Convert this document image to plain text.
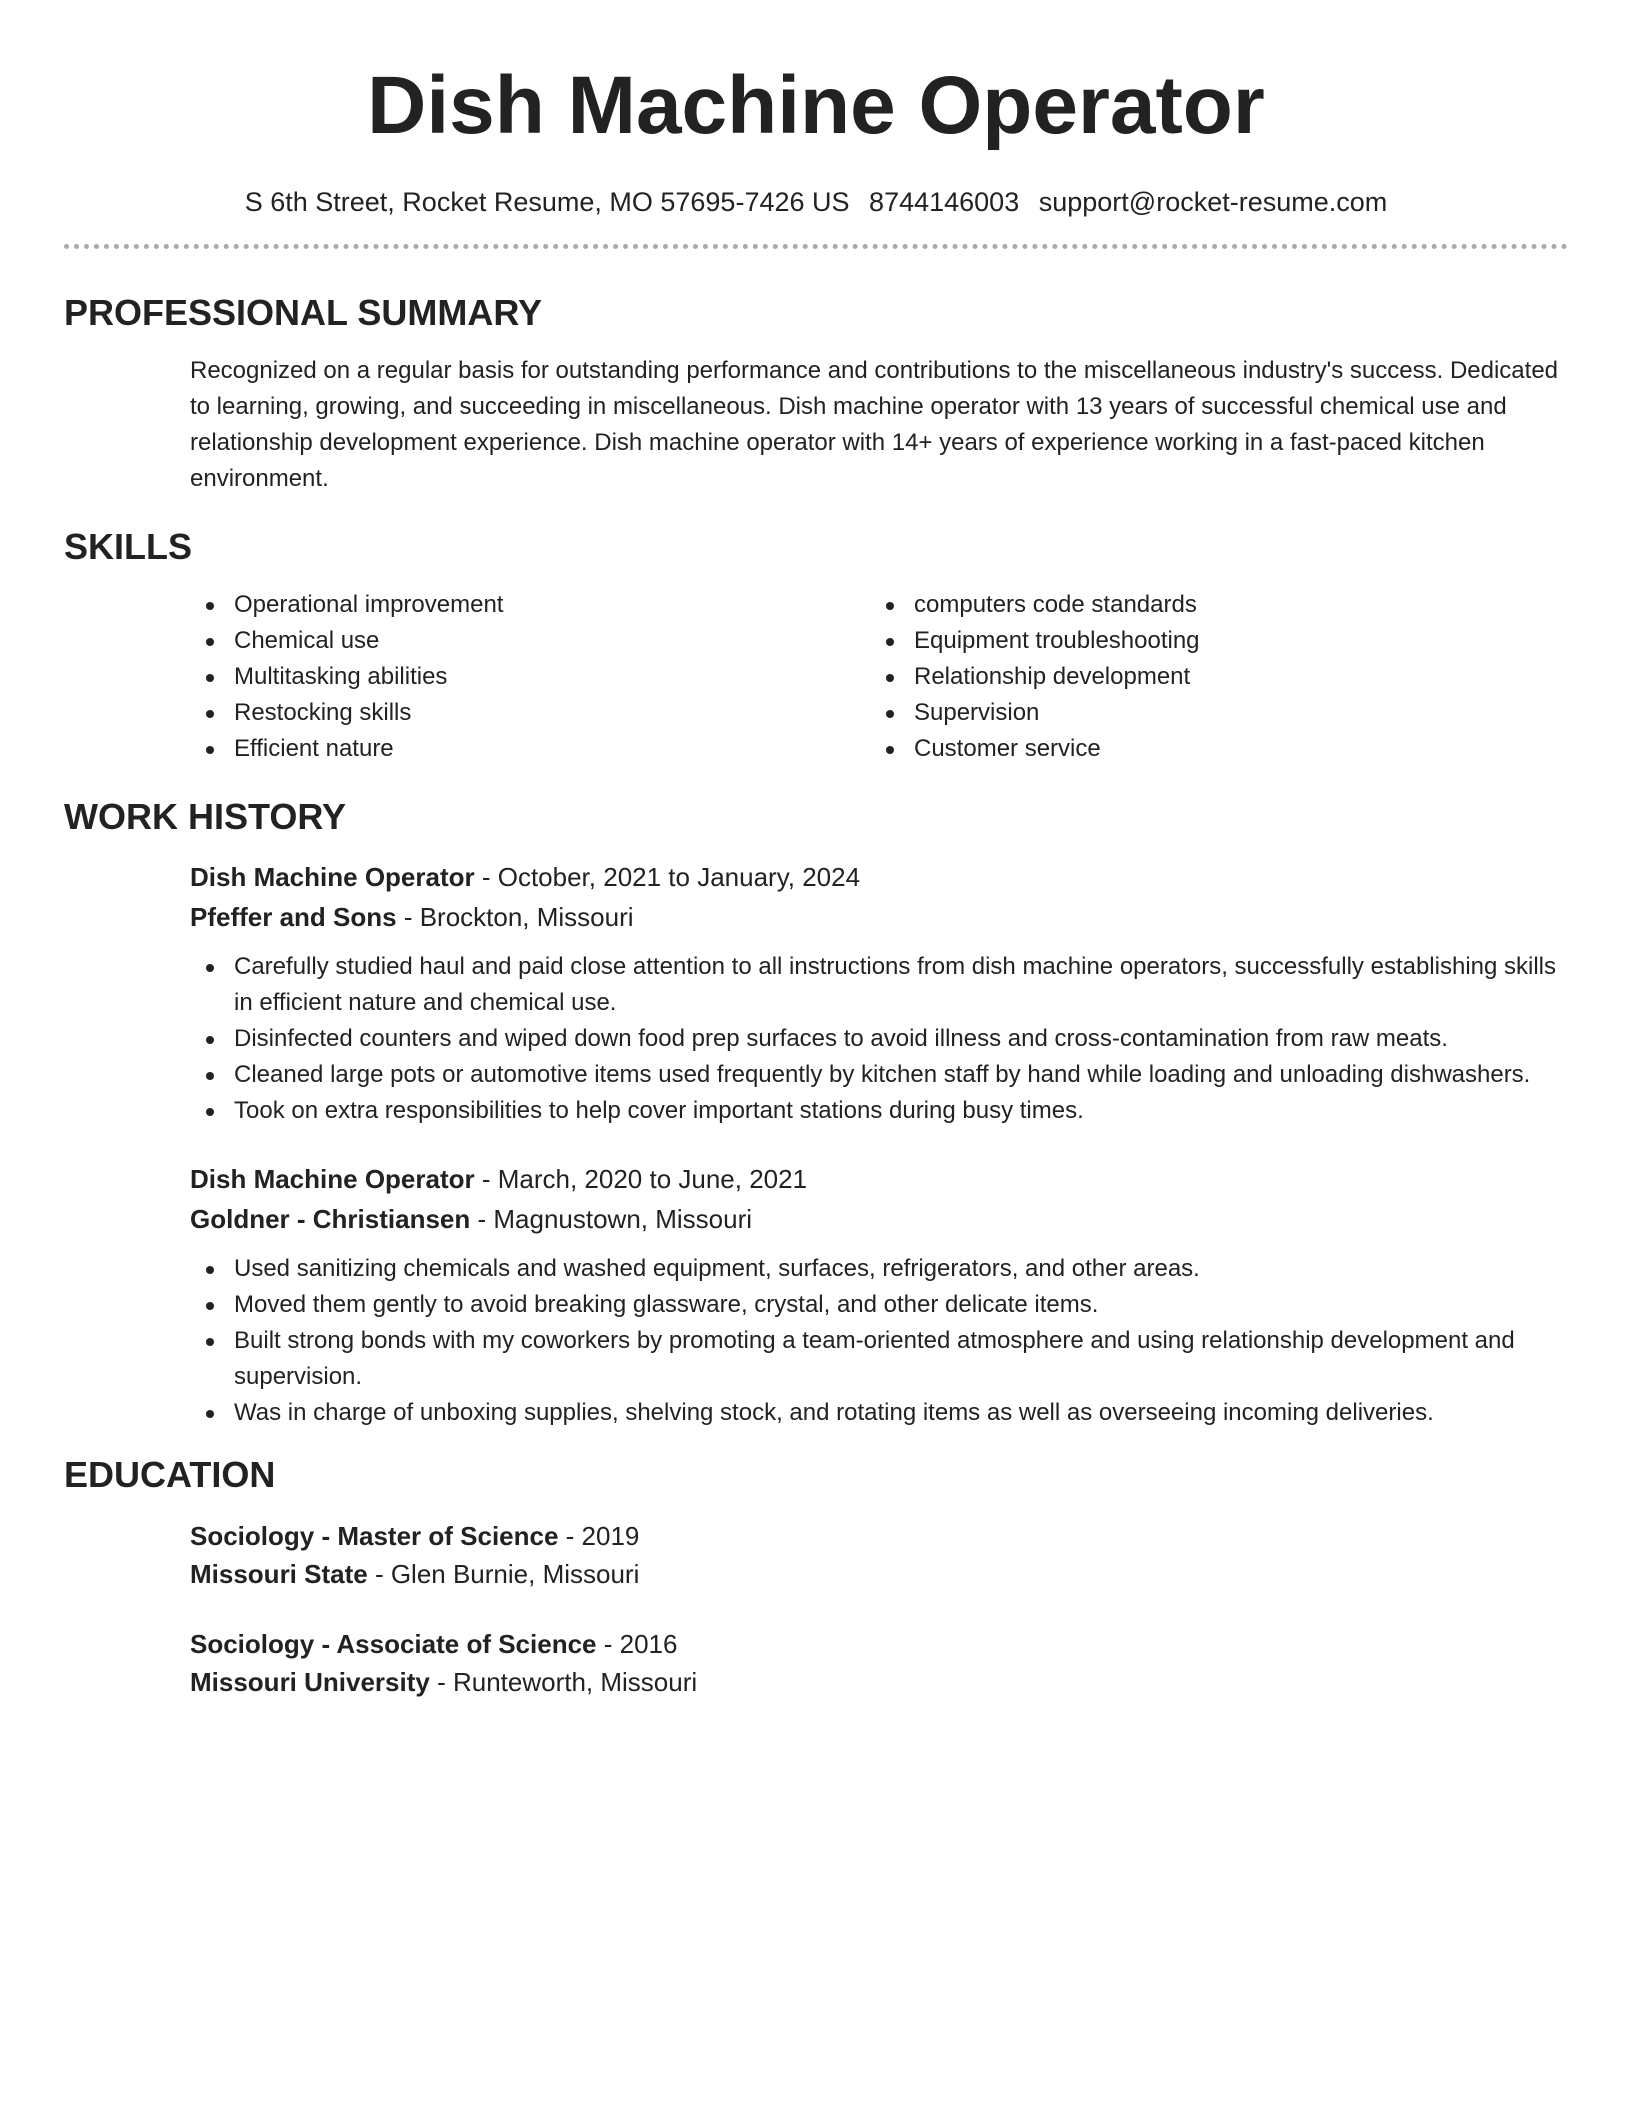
Dish Machine Operator
S 6th Street, Rocket Resume, MO 57695-7426 US 8744146003 support@rocket-resume.com
PROFESSIONAL SUMMARY
Recognized on a regular basis for outstanding performance and contributions to the miscellaneous industry's success. Dedicated to learning, growing, and succeeding in miscellaneous. Dish machine operator with 13 years of successful chemical use and relationship development experience. Dish machine operator with 14+ years of experience working in a fast-paced kitchen environment.
SKILLS
Operational improvement
Chemical use
Multitasking abilities
Restocking skills
Efficient nature
computers code standards
Equipment troubleshooting
Relationship development
Supervision
Customer service
WORK HISTORY
Dish Machine Operator - October, 2021 to January, 2024
Pfeffer and Sons - Brockton, Missouri
Carefully studied haul and paid close attention to all instructions from dish machine operators, successfully establishing skills in efficient nature and chemical use.
Disinfected counters and wiped down food prep surfaces to avoid illness and cross-contamination from raw meats.
Cleaned large pots or automotive items used frequently by kitchen staff by hand while loading and unloading dishwashers.
Took on extra responsibilities to help cover important stations during busy times.
Dish Machine Operator - March, 2020 to June, 2021
Goldner - Christiansen - Magnustown, Missouri
Used sanitizing chemicals and washed equipment, surfaces, refrigerators, and other areas.
Moved them gently to avoid breaking glassware, crystal, and other delicate items.
Built strong bonds with my coworkers by promoting a team-oriented atmosphere and using relationship development and supervision.
Was in charge of unboxing supplies, shelving stock, and rotating items as well as overseeing incoming deliveries.
EDUCATION
Sociology - Master of Science - 2019
Missouri State - Glen Burnie, Missouri
Sociology - Associate of Science - 2016
Missouri University - Runteworth, Missouri
